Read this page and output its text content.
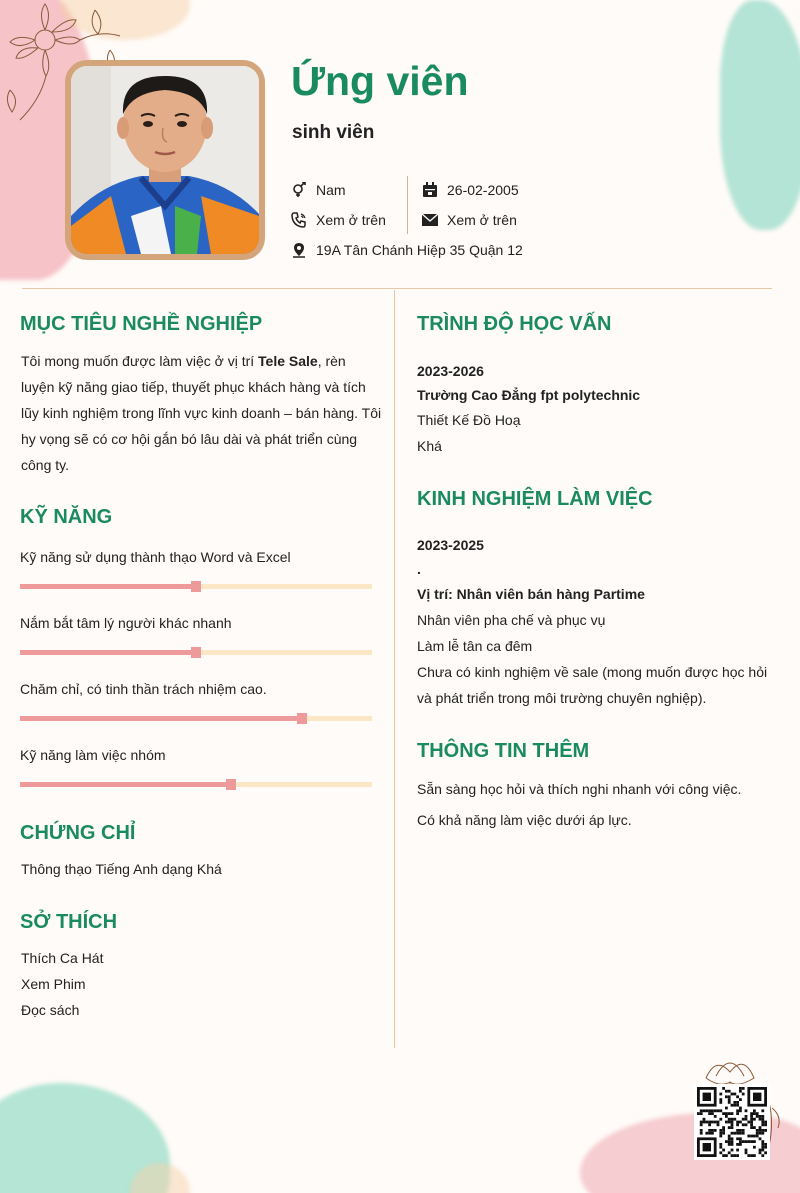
Ứng viên
sinh viên
Nam
Xem ở trên
19A Tân Chánh Hiệp 35 Quận 12
26-02-2005
Xem ở trên
MỤC TIÊU NGHỀ NGHIỆP
Tôi mong muốn được làm việc ở vị trí Tele Sale, rèn luyện kỹ năng giao tiếp, thuyết phục khách hàng và tích lũy kinh nghiệm trong lĩnh vực kinh doanh – bán hàng. Tôi hy vọng sẽ có cơ hội gắn bó lâu dài và phát triển cùng công ty.
KỸ NĂNG
Kỹ năng sử dụng thành thạo Word và Excel
Nắm bắt tâm lý người khác nhanh
Chăm chỉ, có tinh thần trách nhiệm cao.
Kỹ năng làm việc nhóm
CHỨNG CHỈ
Thông thạo Tiếng Anh dạng Khá
SỞ THÍCH
Thích Ca Hát
Xem Phim
Đọc sách
TRÌNH ĐỘ HỌC VẤN
2023-2026
Trường Cao Đẳng fpt polytechnic
Thiết Kế Đồ Hoạ
Khá
KINH NGHIỆM LÀM VIỆC
2023-2025
.
Vị trí: Nhân viên bán hàng Partime
Nhân viên pha chế và phục vụ
Làm lễ tân ca đêm
Chưa có kinh nghiệm về sale (mong muốn được học hỏi
và phát triển trong môi trường chuyên nghiệp).
THÔNG TIN THÊM
Sẵn sàng học hỏi và thích nghi nhanh với công việc.
Có khả năng làm việc dưới áp lực.
